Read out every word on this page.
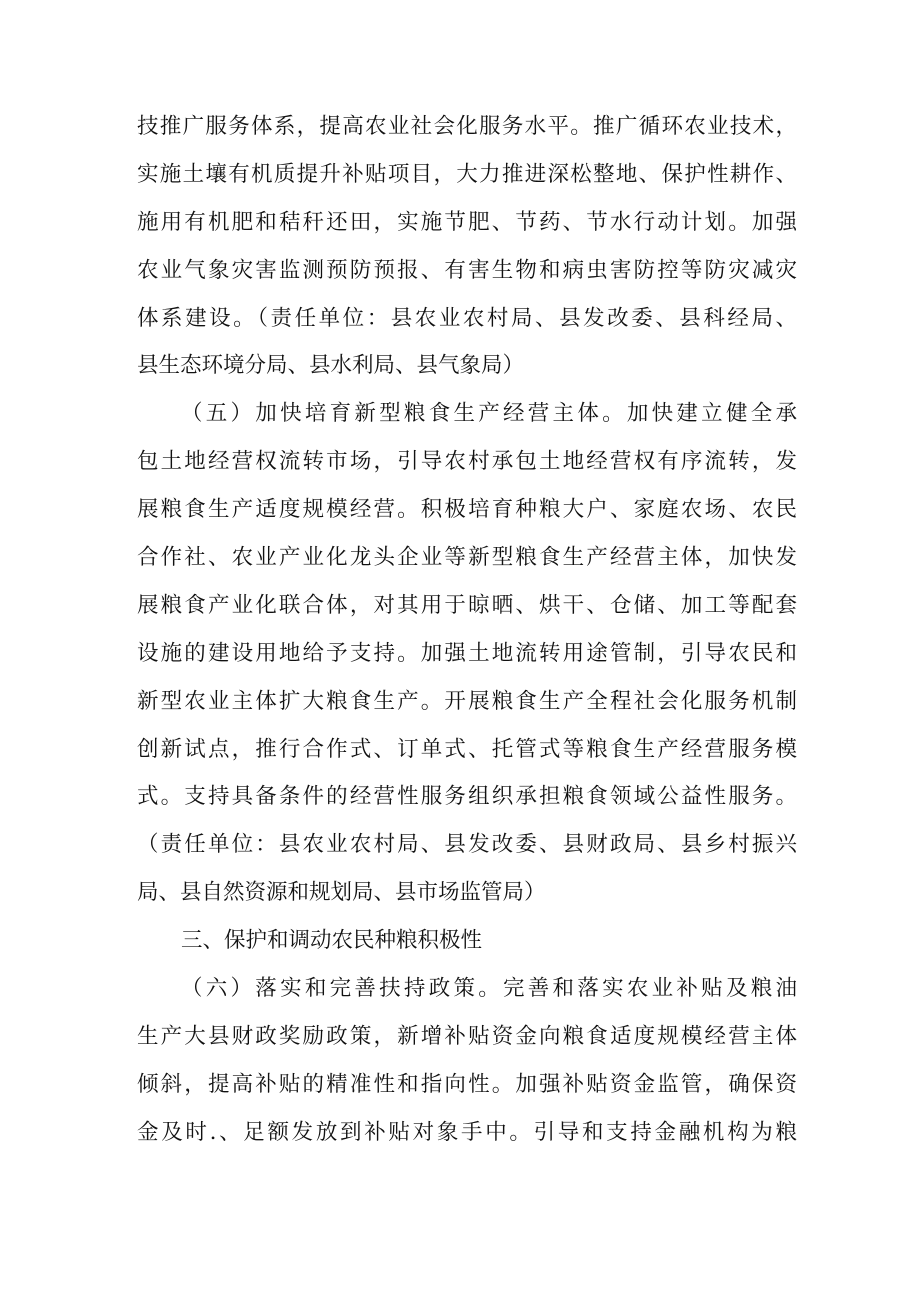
技推广服务体系，提高农业社会化服务水平。推广循环农业技术，
实施土壤有机质提升补贴项目，大力推进深松整地、保护性耕作、
施用有机肥和秸秆还田，实施节肥、节药、节水行动计划。加强
农业气象灾害监测预防预报、有害生物和病虫害防控等防灾减灾
体系建设。（责任单位：县农业农村局、县发改委、县科经局、
县生态环境分局、县水利局、县气象局）
（五）加快培育新型粮食生产经营主体。加快建立健全承
包土地经营权流转市场，引导农村承包土地经营权有序流转，发
展粮食生产适度规模经营。积极培育种粮大户、家庭农场、农民
合作社、农业产业化龙头企业等新型粮食生产经营主体，加快发
展粮食产业化联合体，对其用于晾晒、烘干、仓储、加工等配套
设施的建设用地给予支持。加强土地流转用途管制，引导农民和
新型农业主体扩大粮食生产。开展粮食生产全程社会化服务机制
创新试点，推行合作式、订单式、托管式等粮食生产经营服务模
式。支持具备条件的经营性服务组织承担粮食领域公益性服务。
（责任单位：县农业农村局、县发改委、县财政局、县乡村振兴
局、县自然资源和规划局、县市场监管局）
三、保护和调动农民种粮积极性
（六）落实和完善扶持政策。完善和落实农业补贴及粮油
生产大县财政奖励政策，新增补贴资金向粮食适度规模经营主体
倾斜，提高补贴的精准性和指向性。加强补贴资金监管，确保资
金及时.、足额发放到补贴对象手中。引导和支持金融机构为粮
